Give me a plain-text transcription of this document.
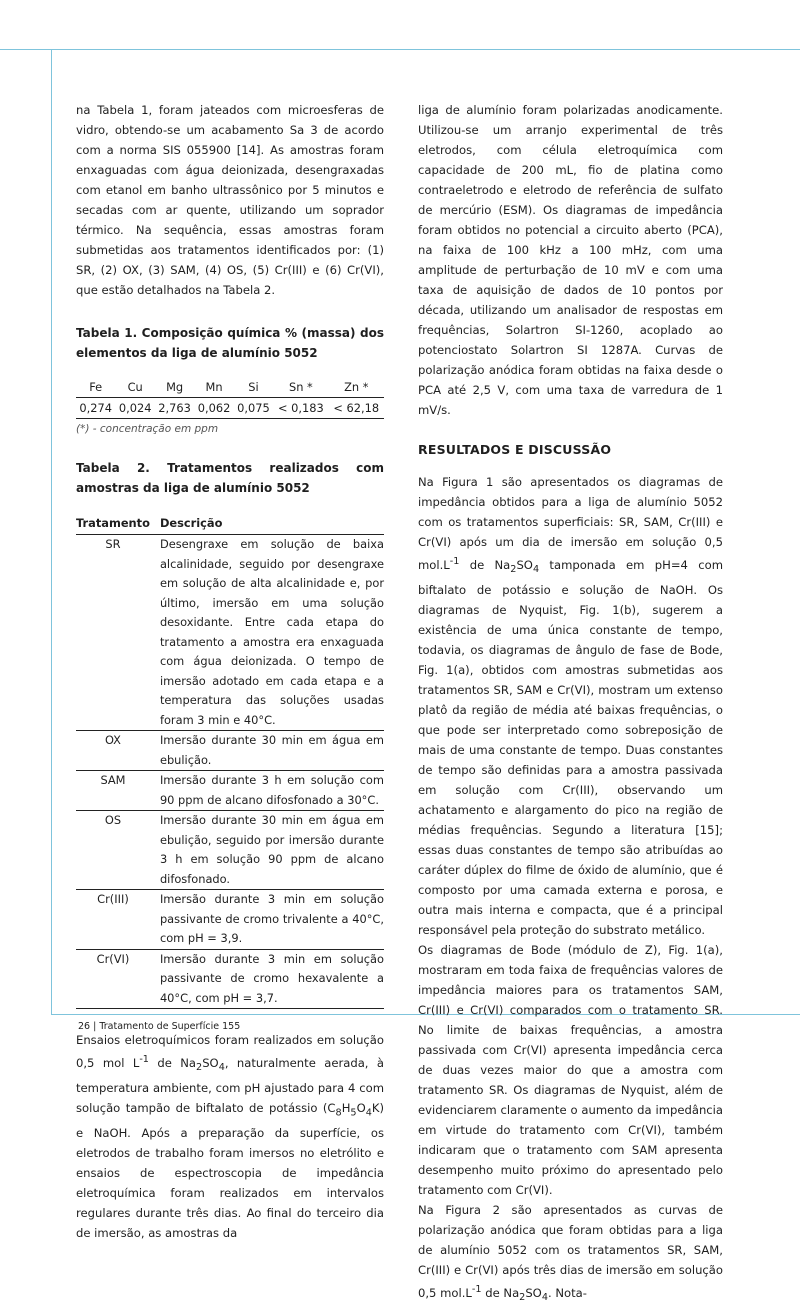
na Tabela 1, foram jateados com microesferas de vidro, obtendo-se um acabamento Sa 3 de acordo com a norma SIS 055900 [14]. As amostras foram enxaguadas com água deionizada, desengraxadas com etanol em banho ultrassônico por 5 minutos e secadas com ar quente, utilizando um soprador térmico. Na sequência, essas amostras foram submetidas aos tratamentos identificados por: (1) SR, (2) OX, (3) SAM, (4) OS, (5) Cr(III) e (6) Cr(VI), que estão detalhados na Tabela 2.

Tabela 1. Composição química % (massa) dos elementos da liga de alumínio 5052

Fe	Cu	Mg	Mn	Si	Sn *	Zn *
0,274	0,024	2,763	0,062	0,075	< 0,183	< 62,18
(*) - concentração em ppm

Tabela 2. Tratamentos realizados com amostras da liga de alumínio 5052

Tratamento	Descrição
SR	Desengraxe em solução de baixa alcalinidade, seguido por desengraxe em solução de alta alcalinidade e, por último, imersão em uma solução desoxidante. Entre cada etapa do tratamento a amostra era enxaguada com água deionizada. O tempo de imersão adotado em cada etapa e a temperatura das soluções usadas foram 3 min e 40°C.
OX	Imersão durante 30 min em água em ebulição.
SAM	Imersão durante 3 h em solução com 90 ppm de alcano difosfonado a 30°C.
OS	Imersão durante 30 min em água em ebulição, seguido por imersão durante 3 h em solução 90 ppm de alcano difosfonado.
Cr(III)	Imersão durante 3 min em solução passivante de cromo trivalente a 40°C, com pH = 3,9.
Cr(VI)	Imersão durante 3 min em solução passivante de cromo hexavalente a 40°C, com pH = 3,7.

Ensaios eletroquímicos foram realizados em solução 0,5 mol $L^{-1}$ de $Na_2SO_4$, naturalmente aerada, à temperatura ambiente, com pH ajustado para 4 com solução tampão de biftalato de potássio $(C_8H_5O_4K)$ e NaOH. Após a preparação da superfície, os eletrodos de trabalho foram imersos no eletrólito e ensaios de espectroscopia de impedância eletroquímica foram realizados em intervalos regulares durante três dias. Ao final do terceiro dia de imersão, as amostras da

liga de alumínio foram polarizadas anodicamente. Utilizou-se um arranjo experimental de três eletrodos, com célula eletroquímica com capacidade de 200 mL, fio de platina como contraeletrodo e eletrodo de referência de sulfato de mercúrio (ESM). Os diagramas de impedância foram obtidos no potencial a circuito aberto (PCA), na faixa de 100 kHz a 100 mHz, com uma amplitude de perturbação de 10 mV e com uma taxa de aquisição de dados de 10 pontos por década, utilizando um analisador de respostas em frequências, Solartron SI-1260, acoplado ao potenciostato Solartron SI 1287A. Curvas de polarização anódica foram obtidas na faixa desde o PCA até 2,5 V, com uma taxa de varredura de 1 mV/s.

RESULTADOS E DISCUSSÃO

Na Figura 1 são apresentados os diagramas de impedância obtidos para a liga de alumínio 5052 com os tratamentos superficiais: SR, SAM, Cr(III) e Cr(VI) após um dia de imersão em solução 0,5 $mol.L^{-1}$ de $Na_2SO_4$ tamponada em pH=4 com biftalato de potássio e solução de NaOH. Os diagramas de Nyquist, Fig. 1(b), sugerem a existência de uma única constante de tempo, todavia, os diagramas de ângulo de fase de Bode, Fig. 1(a), obtidos com amostras submetidas aos tratamentos SR, SAM e Cr(VI), mostram um extenso platô da região de média até baixas frequências, o que pode ser interpretado como sobreposição de mais de uma constante de tempo. Duas constantes de tempo são definidas para a amostra passivada em solução com Cr(III), observando um achatamento e alargamento do pico na região de médias frequências. Segundo a literatura [15]; essas duas constantes de tempo são atribuídas ao caráter dúplex do filme de óxido de alumínio, que é composto por uma camada externa e porosa, e outra mais interna e compacta, que é a principal responsável pela proteção do substrato metálico.

Os diagramas de Bode (módulo de Z), Fig. 1(a), mostraram em toda faixa de frequências valores de impedância maiores para os tratamentos SAM, Cr(III) e Cr(VI) comparados com o tratamento SR. No limite de baixas frequências, a amostra passivada com Cr(VI) apresenta impedância cerca de duas vezes maior do que a amostra com tratamento SR. Os diagramas de Nyquist, além de evidenciarem claramente o aumento da impedância em virtude do tratamento com Cr(VI), também indicaram que o tratamento com SAM apresenta desempenho muito próximo do apresentado pelo tratamento com Cr(VI).

Na Figura 2 são apresentados as curvas de polarização anódica que foram obtidas para a liga de alumínio 5052 com os tratamentos SR, SAM, Cr(III) e Cr(VI) após três dias de imersão em solução 0,5 $mol.L^{-1}$ de $Na_2SO_4$. Nota-

26 | Tratamento de Superfície 155
